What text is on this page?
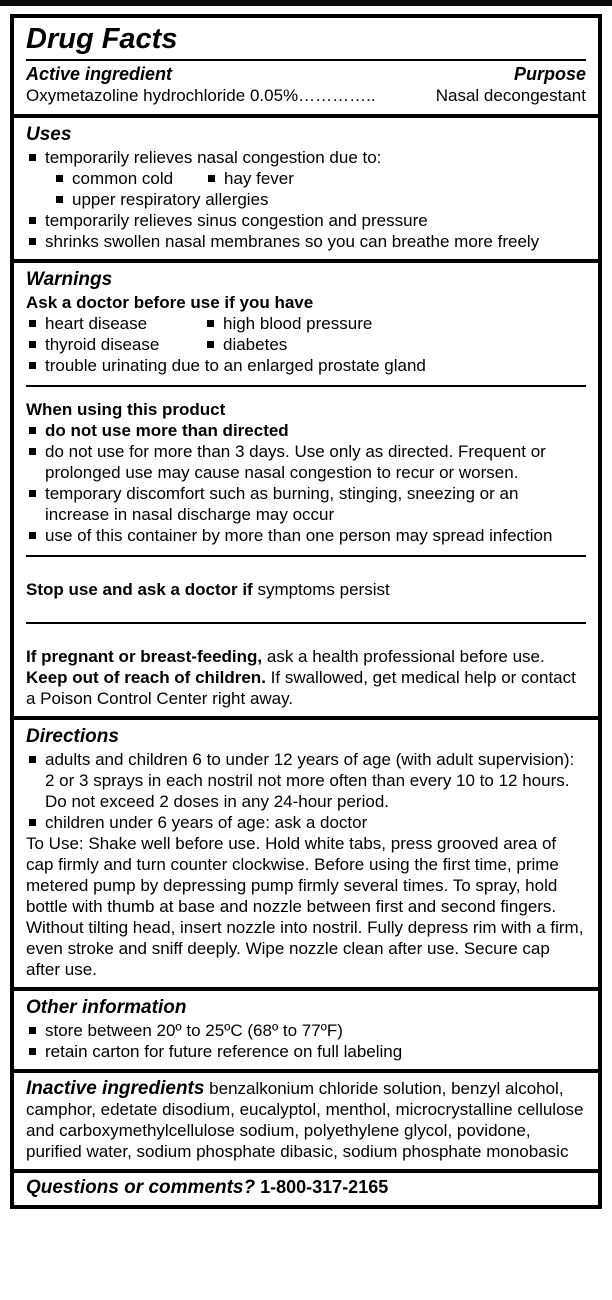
Drug Facts
Active ingredient	Purpose
Oxymetazoline hydrochloride 0.05% …………..	Nasal decongestant
Uses
temporarily relieves nasal congestion due to:
common cold	hay fever
upper respiratory allergies
temporarily relieves sinus congestion and pressure
shrinks swollen nasal membranes so you can breathe more freely
Warnings
Ask a doctor before use if you have
heart disease	high blood pressure
thyroid disease	diabetes
trouble urinating due to an enlarged prostate gland
When using this product
do not use more than directed
do not use for more than 3 days. Use only as directed. Frequent or prolonged use may cause nasal congestion to recur or worsen.
temporary discomfort such as burning, stinging, sneezing or an increase in nasal discharge may occur
use of this container by more than one person may spread infection
Stop use and ask a doctor if symptoms persist
If pregnant or breast-feeding, ask a health professional before use.
Keep out of reach of children. If swallowed, get medical help or contact a Poison Control Center right away.
Directions
adults and children 6 to under 12 years of age (with adult supervision): 2 or 3 sprays in each nostril not more often than every 10 to 12 hours. Do not exceed 2 doses in any 24-hour period.
children under 6 years of age: ask a doctor
To Use: Shake well before use. Hold white tabs, press grooved area of cap firmly and turn counter clockwise. Before using the first time, prime metered pump by depressing pump firmly several times. To spray, hold bottle with thumb at base and nozzle between first and second fingers. Without tilting head, insert nozzle into nostril. Fully depress rim with a firm, even stroke and sniff deeply. Wipe nozzle clean after use. Secure cap after use.
Other information
store between 20º to 25ºC (68º to 77ºF)
retain carton for future reference on full labeling
Inactive ingredients benzalkonium chloride solution, benzyl alcohol, camphor, edetate disodium, eucalyptol, menthol, microcrystalline cellulose and carboxymethylcellulose sodium, polyethylene glycol, povidone, purified water, sodium phosphate dibasic, sodium phosphate monobasic
Questions or comments? 1-800-317-2165
